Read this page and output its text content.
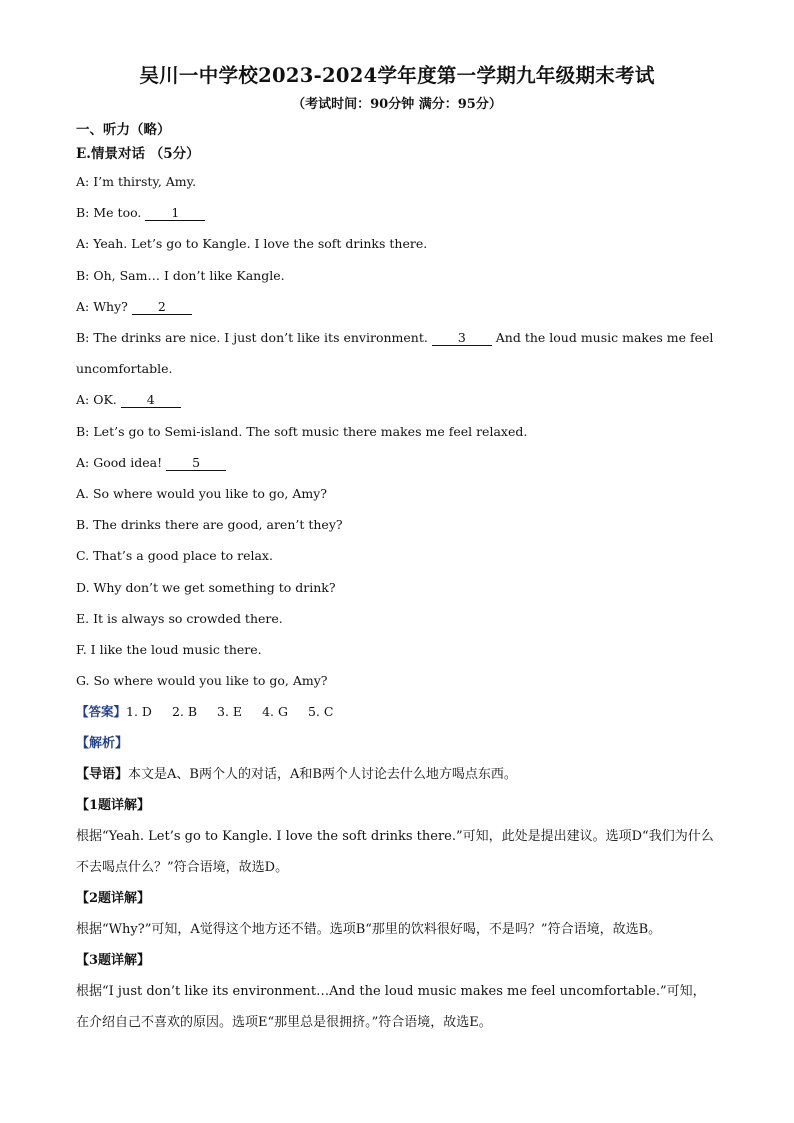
吴川一中学校2023-2024学年度第一学期九年级期末考试
（考试时间：90分钟 满分：95分）
一、听力（略）
E.情景对话 （5分）
A: I’m thirsty, Amy.
B: Me too. 1
A: Yeah. Let’s go to Kangle. I love the soft drinks there.
B: Oh, Sam… I don’t like Kangle.
A: Why? 2
B: The drinks are nice. I just don’t like its environment. 3 And the loud music makes me feel uncomfortable.
A: OK. 4
B: Let’s go to Semi-island. The soft music there makes me feel relaxed.
A: Good idea! 5
A. So where would you like to go, Amy?
B. The drinks there are good, aren’t they?
C. That’s a good place to relax.
D. Why don’t we get something to drink?
E. It is always so crowded there.
F. I like the loud music there.
G. So where would you like to go, Amy?
【答案】1. D 2. B 3. E 4. G 5. C
【解析】
【导语】本文是A、B两个人的对话，A和B两个人讨论去什么地方喝点东西。
【1题详解】
根据“Yeah. Let’s go to Kangle. I love the soft drinks there.”可知，此处是提出建议。选项D“我们为什么不去喝点什么？”符合语境，故选D。
【2题详解】
根据“Why?”可知，A觉得这个地方还不错。选项B“那里的饮料很好喝，不是吗？”符合语境，故选B。
【3题详解】
根据“I just don’t like its environment…And the loud music makes me feel uncomfortable.”可知，在介绍自己不喜欢的原因。选项E“那里总是很拥挤。”符合语境，故选E。
